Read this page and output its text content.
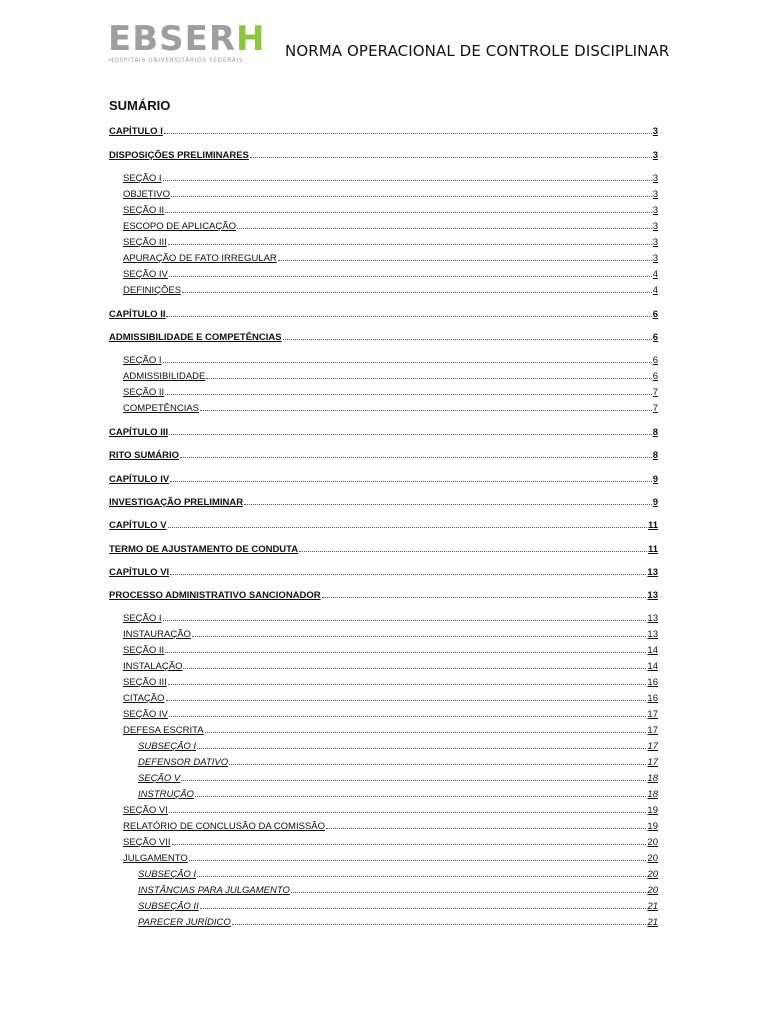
EBSERH
HOSPITAIS UNIVERSITÁRIOS FEDERAIS
NORMA OPERACIONAL DE CONTROLE DISCIPLINAR
SUMÁRIO
CAPÍTULO I	3
DISPOSIÇÕES PRELIMINARES	3
SEÇÃO I	3
OBJETIVO	3
SEÇÃO II	3
ESCOPO DE APLICAÇÃO	3
SEÇÃO III	3
APURAÇÃO DE FATO IRREGULAR	3
SEÇÃO IV	4
DEFINIÇÕES	4
CAPÍTULO II	6
ADMISSIBILIDADE E COMPETÊNCIAS	6
SEÇÃO I	6
ADMISSIBILIDADE	6
SEÇÃO II	7
COMPETÊNCIAS	7
CAPÍTULO III	8
RITO SUMÁRIO	8
CAPÍTULO IV	9
INVESTIGAÇÃO PRELIMINAR	9
CAPÍTULO V	11
TERMO DE AJUSTAMENTO DE CONDUTA	11
CAPÍTULO VI	13
PROCESSO ADMINISTRATIVO SANCIONADOR	13
SEÇÃO I	13
INSTAURAÇÃO	13
SEÇÃO II	14
INSTALAÇÃO	14
SEÇÃO III	16
CITAÇÃO	16
SEÇÃO IV	17
DEFESA ESCRITA	17
SUBSEÇÃO I	17
DEFENSOR DATIVO	17
SEÇÃO V	18
INSTRUÇÃO	18
SEÇÃO VI	19
RELATÓRIO DE CONCLUSÃO DA COMISSÃO	19
SEÇÃO VII	20
JULGAMENTO	20
SUBSEÇÃO I	20
INSTÂNCIAS PARA JULGAMENTO	20
SUBSEÇÃO II	21
PARECER JURÍDICO	21
